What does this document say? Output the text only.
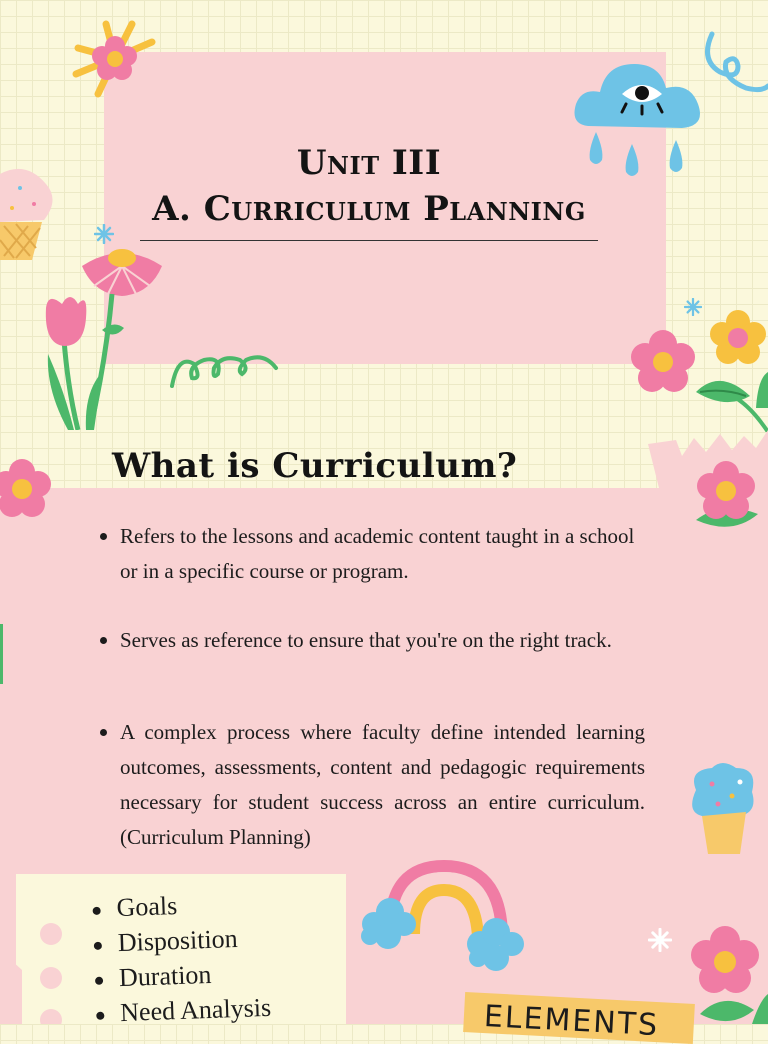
Unit III
A. Curriculum Planning
What is Curriculum?
Refers to the lessons and academic content taught in a school or in a specific course or program.
Serves as reference to ensure that you're on the right track.
A complex process where faculty define intended learning outcomes, assessments, content and pedagogic requirements necessary for student success across an entire curriculum. (Curriculum Planning)
Goals
Disposition
Duration
Need Analysis	ELEMENTS
